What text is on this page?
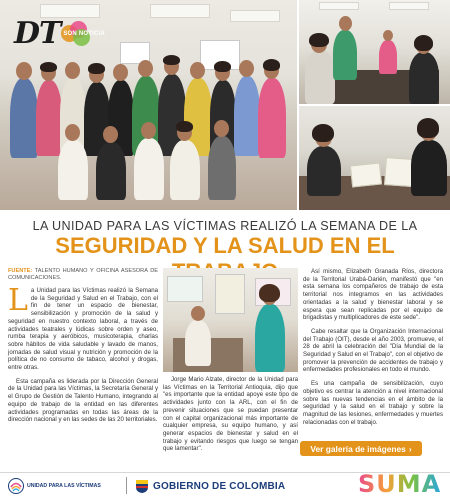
DT SON NOTICIA
LA UNIDAD PARA LAS VÍCTIMAS REALIZÓ LA SEMANA DE LA
SEGURIDAD Y LA SALUD EN EL
FUENTE: TALENTO HUMANO Y OFICINA ASESORA DE COMUNICACIONES.

La Unidad para las Víctimas realizó la Semana de la Seguridad y Salud en el Trabajo, con el fin de tener un espacio de bienestar, sensibilización y promoción de la salud y seguridad en nuestro contexto laboral, a través de actividades teatrales y lúdicas sobre orden y aseo, rumba terapia y aeróbicos, musicoterapia, charlas sobre hábitos de vida saludable y lavado de manos, jornadas de salud visual y nutrición y promoción de la política de no consumo de tabaco, alcohol y drogas, entre otras.

Esta campaña es liderada por la Dirección General de la Unidad para las Víctimas, la Secretaría General y el Grupo de Gestión de Talento Humano, integrando al equipo de trabajo de la entidad en las diferentes actividades programadas en todas las áreas de la dirección nacional y en las sedes de las 20 territoriales.

Jorge Mario Alzate, director de la Unidad para las Víctimas en la Territorial Antioquia, dijo que "es importante que la entidad apoye este tipo de actividades junto con la ARL, con el fin de prevenir situaciones que se puedan presentar con el capital organizacional más importante de cualquier empresa, su equipo humano, y así generar espacios de bienestar y salud en el trabajo y evitando riesgos que luego se tengan que lamentar".

Así mismo, Elizabeth Granada Ríos, directora de la Territorial Urabá-Darién, manifestó que "en esta semana los compañeros de trabajo de esta territorial nos integramos en las actividades orientadas a la salud y bienestar laboral y se espera que sean replicadas por el equipo de brigadistas y multiplicadores de este sede".

Cabe resaltar que la Organización Internacional del Trabajo (OIT), desde el año 2003, promueve, el 28 de abril la celebración del "Día Mundial de la Seguridad y Salud en el Trabajo", con el objetivo de promover la prevención de accidentes de trabajo y enfermedades profesionales en todo el mundo.

Es una campaña de sensibilización, cuyo objetivo es centrar la atención a nivel internacional sobre las nuevas tendencias en el ámbito de la seguridad y la salud en el trabajo y sobre la magnitud de las lesiones, enfermedades y muertes relacionadas con el trabajo.

Ver galería de imágenes ›
UNIDAD PARA LAS VÍCTIMAS	GOBIERNO DE COLOMBIA	SUMA
